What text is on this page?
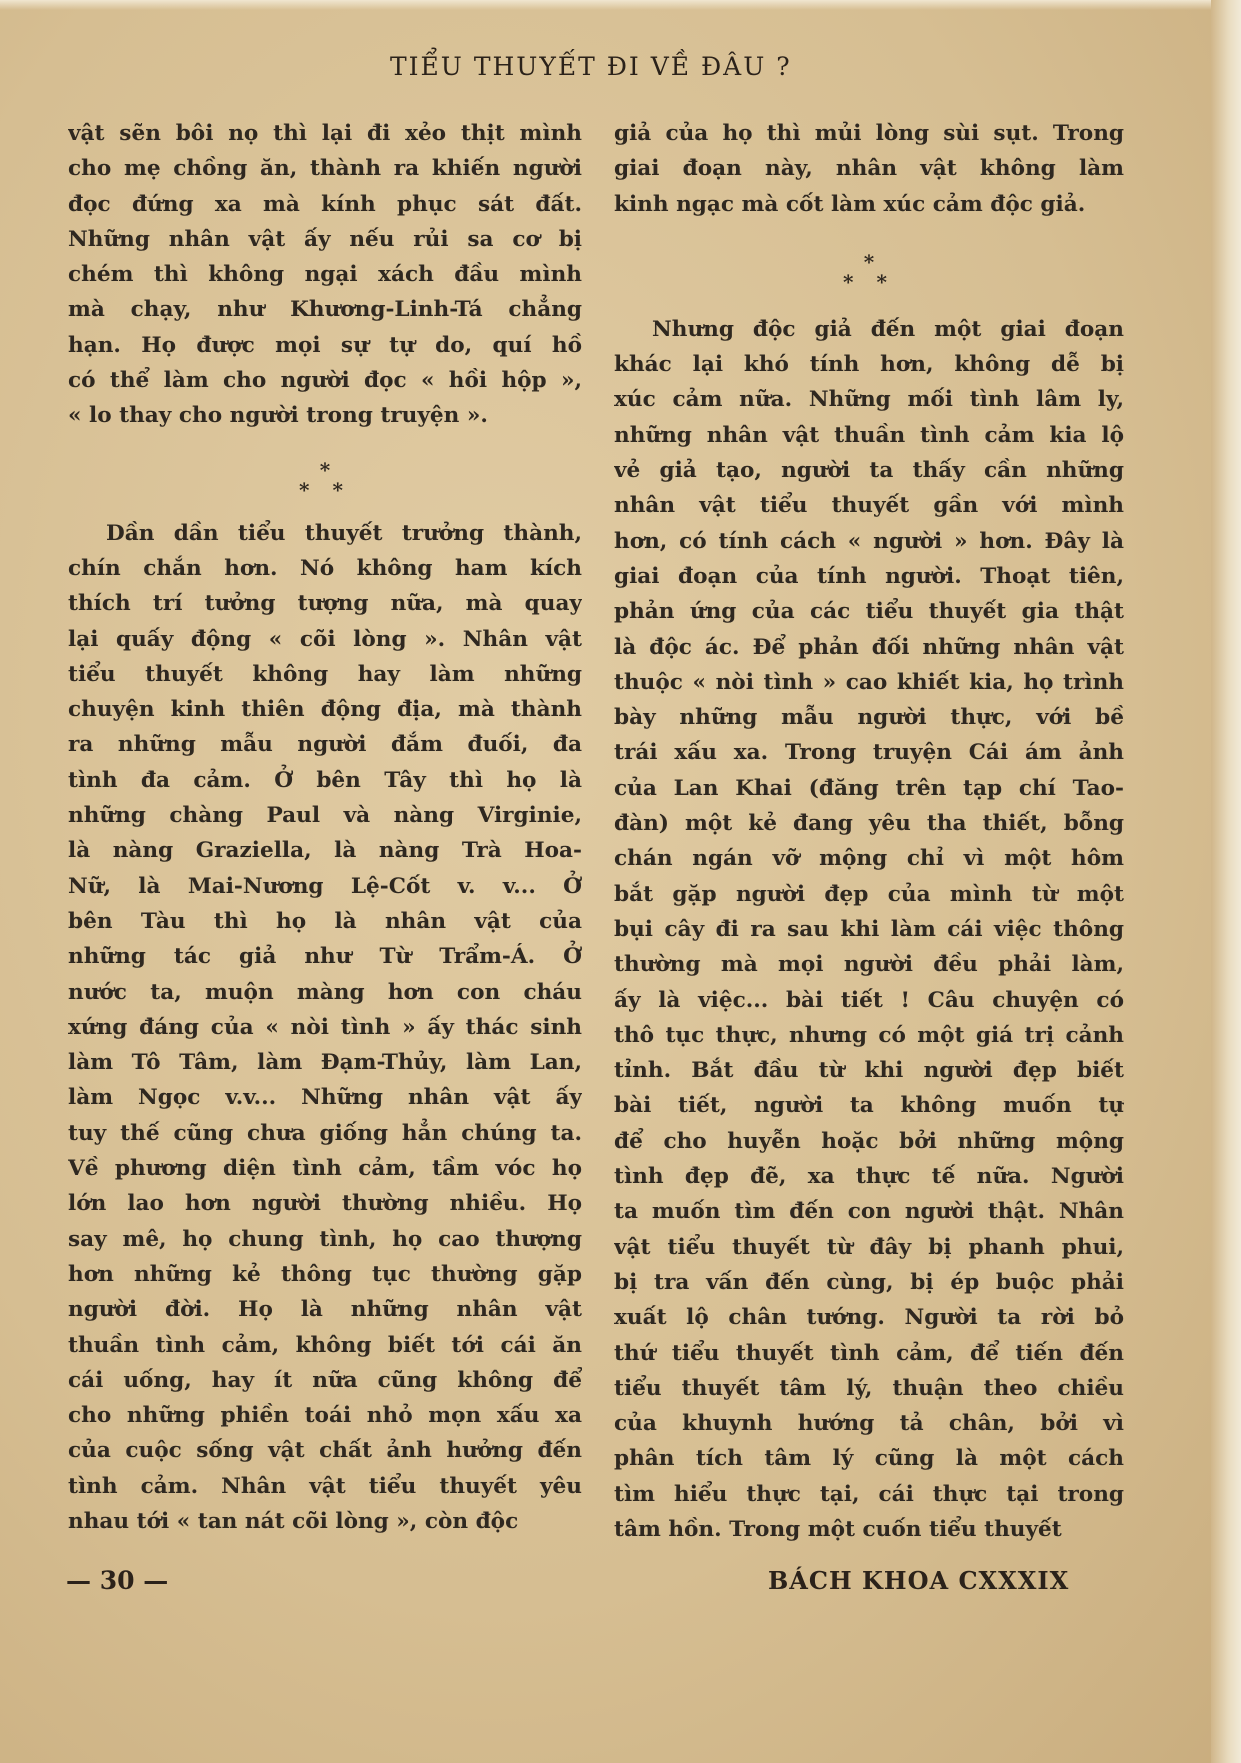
TIỂU THUYẾT ĐI VỀ ĐÂU ?
vật sẽn bôi nọ thì lại đi xẻo thịt mình
cho mẹ chồng ăn, thành ra khiến người
đọc đứng xa mà kính phục sát đất.
Những nhân vật ấy nếu rủi sa cơ bị
chém thì không ngại xách đầu mình
mà chạy, như Khương-Linh-Tá chẳng
hạn. Họ được mọi sự tự do, quí hồ
có thể làm cho người đọc « hồi hộp »,
« lo thay cho người trong truyện ».
*
* *
Dần dần tiểu thuyết trưởng thành,
chín chắn hơn. Nó không ham kích
thích trí tưởng tượng nữa, mà quay
lại quấy động « cõi lòng ». Nhân vật
tiểu thuyết không hay làm những
chuyện kinh thiên động địa, mà thành
ra những mẫu người đắm đuối, đa
tình đa cảm. Ở bên Tây thì họ là
những chàng Paul và nàng Virginie,
là nàng Graziella, là nàng Trà Hoa-
Nữ, là Mai-Nương Lệ-Cốt v. v... Ở
bên Tàu thì họ là nhân vật của
những tác giả như Từ Trẩm-Á. Ở
nước ta, muộn màng hơn con cháu
xứng đáng của « nòi tình » ấy thác sinh
làm Tô Tâm, làm Đạm-Thủy, làm Lan,
làm Ngọc v.v... Những nhân vật ấy
tuy thế cũng chưa giống hẳn chúng ta.
Về phương diện tình cảm, tầm vóc họ
lớn lao hơn người thường nhiều. Họ
say mê, họ chung tình, họ cao thượng
hơn những kẻ thông tục thường gặp
người đời. Họ là những nhân vật
thuần tình cảm, không biết tới cái ăn
cái uống, hay ít nữa cũng không để
cho những phiền toái nhỏ mọn xấu xa
của cuộc sống vật chất ảnh hưởng đến
tình cảm. Nhân vật tiểu thuyết yêu
nhau tới « tan nát cõi lòng », còn độc
giả của họ thì mủi lòng sùi sụt. Trong
giai đoạn này, nhân vật không làm
kinh ngạc mà cốt làm xúc cảm độc giả.
*
* *
Nhưng độc giả đến một giai đoạn
khác lại khó tính hơn, không dễ bị
xúc cảm nữa. Những mối tình lâm ly,
những nhân vật thuần tình cảm kia lộ
vẻ giả tạo, người ta thấy cần những
nhân vật tiểu thuyết gần với mình
hơn, có tính cách « người » hơn. Đây là
giai đoạn của tính người. Thoạt tiên,
phản ứng của các tiểu thuyết gia thật
là độc ác. Để phản đối những nhân vật
thuộc « nòi tình » cao khiết kia, họ trình
bày những mẫu người thực, với bề
trái xấu xa. Trong truyện Cái ám ảnh
của Lan Khai (đăng trên tạp chí Tao-
đàn) một kẻ đang yêu tha thiết, bỗng
chán ngán vỡ mộng chỉ vì một hôm
bắt gặp người đẹp của mình từ một
bụi cây đi ra sau khi làm cái việc thông
thường mà mọi người đều phải làm,
ấy là việc... bài tiết ! Câu chuyện có
thô tục thực, nhưng có một giá trị cảnh
tỉnh. Bắt đầu từ khi người đẹp biết
bài tiết, người ta không muốn tự
để cho huyễn hoặc bởi những mộng
tình đẹp đẽ, xa thực tế nữa. Người
ta muốn tìm đến con người thật. Nhân
vật tiểu thuyết từ đây bị phanh phui,
bị tra vấn đến cùng, bị ép buộc phải
xuất lộ chân tướng. Người ta rời bỏ
thứ tiểu thuyết tình cảm, để tiến đến
tiểu thuyết tâm lý, thuận theo chiều
của khuynh hướng tả chân, bởi vì
phân tích tâm lý cũng là một cách
tìm hiểu thực tại, cái thực tại trong
tâm hồn. Trong một cuốn tiểu thuyết
— 30 —	BÁCH KHOA CXXXIX
